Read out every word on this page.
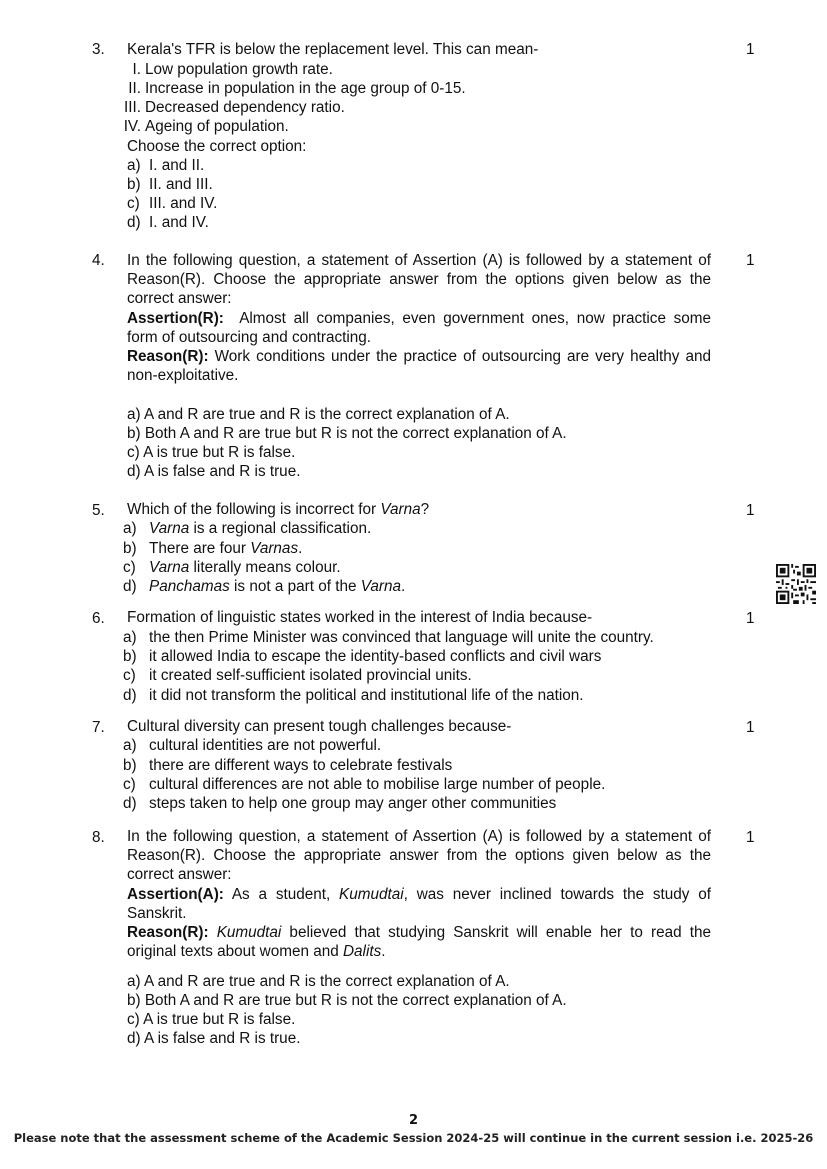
3. Kerala's TFR is below the replacement level. This can mean-	1
I. Low population growth rate.
II. Increase in population in the age group of 0-15.
III. Decreased dependency ratio.
IV. Ageing of population.
Choose the correct option:
a) I. and II.
b) II. and III.
c) III. and IV.
d) I. and IV.
4.	1
In the following question, a statement of Assertion (A) is followed by a statement of Reason(R). Choose the appropriate answer from the options given below as the correct answer:
Assertion(R): Almost all companies, even government ones, now practice some form of outsourcing and contracting.
Reason(R): Work conditions under the practice of outsourcing are very healthy and non-exploitative.
a) A and R are true and R is the correct explanation of A.
b) Both A and R are true but R is not the correct explanation of A.
c) A is true but R is false.
d) A is false and R is true.
5.	1
Which of the following is incorrect for Varna?
a) Varna is a regional classification.
b) There are four Varnas.
c) Varna literally means colour.
d) Panchamas is not a part of the Varna.
6.	1
Formation of linguistic states worked in the interest of India because-
a) the then Prime Minister was convinced that language will unite the country.
b) it allowed India to escape the identity-based conflicts and civil wars
c) it created self-sufficient isolated provincial units.
d) it did not transform the political and institutional life of the nation.
7.	1
Cultural diversity can present tough challenges because-
a) cultural identities are not powerful.
b) there are different ways to celebrate festivals
c) cultural differences are not able to mobilise large number of people.
d) steps taken to help one group may anger other communities
8.	1
In the following question, a statement of Assertion (A) is followed by a statement of Reason(R). Choose the appropriate answer from the options given below as the correct answer:
Assertion(A): As a student, Kumudtai, was never inclined towards the study of Sanskrit.
Reason(R): Kumudtai believed that studying Sanskrit will enable her to read the original texts about women and Dalits.
a) A and R are true and R is the correct explanation of A.
b) Both A and R are true but R is not the correct explanation of A.
c) A is true but R is false.
d) A is false and R is true.
2
Please note that the assessment scheme of the Academic Session 2024-25 will continue in the current session i.e. 2025-26
